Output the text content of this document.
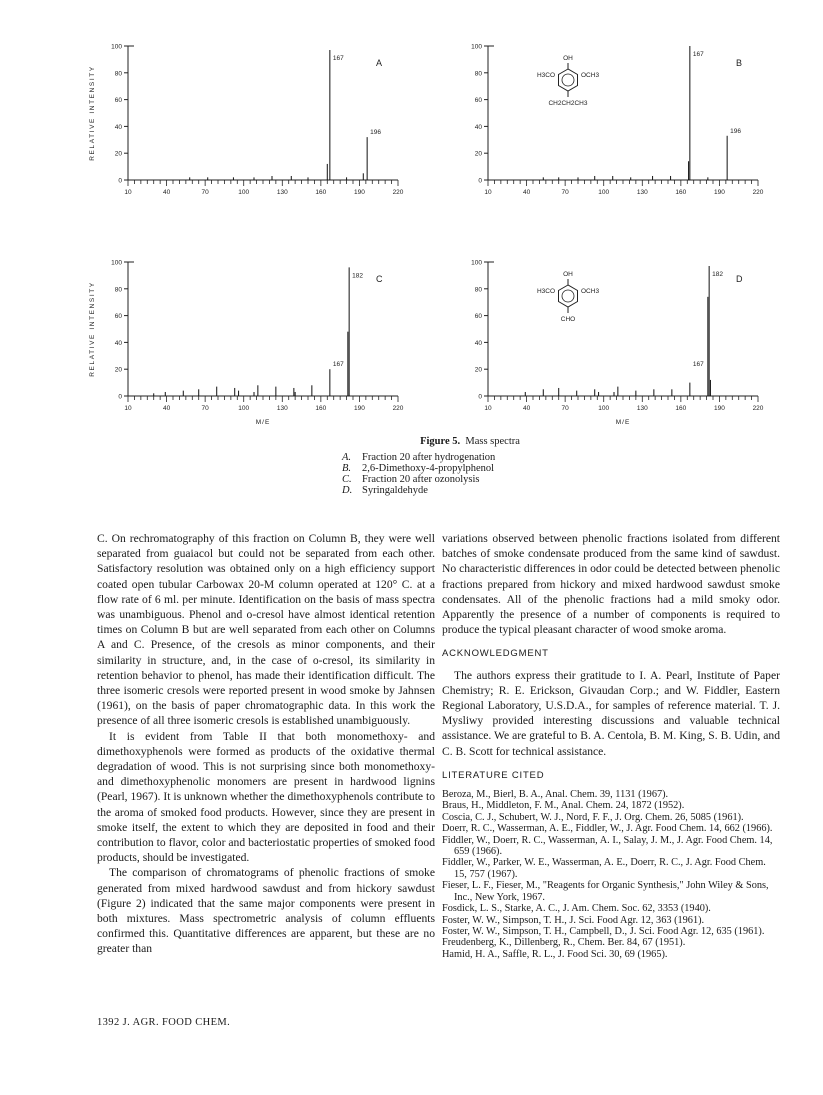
0
20
40
60
80
100
10	40	70	100	130	160	190	220
167
196
A
RELATIVE INTENSITY
0
20
40
60
80
100
10	40	70	100	130	160	190	220
167
196
B
OH
H3CO	OCH3
CH2CH2CH3
0
20
40
60
80
100
10	40	70	100	130	160	190	220
182
167
C
RELATIVE INTENSITY
M/E
0
20
40
60
80
100
10	40	70	100	130	160	190	220
182
167
D
M/E
OH
H3CO	OCH3
CHO
Figure 5. Mass spectra
A. Fraction 20 after hydrogenation
B. 2,6-Dimethoxy-4-propylphenol
C. Fraction 20 after ozonolysis
D. Syringaldehyde

C. On rechromatography of this fraction on Column B, they were well separated from guaiacol but could not be separated from each other. Satisfactory resolution was obtained only on a high efficiency support coated open tubular Carbowax 20-M column operated at 120° C. at a flow rate of 6 ml. per minute. Identification on the basis of mass spectra was unambiguous. Phenol and o-cresol have almost identical retention times on Column B but are well separated from each other on Columns A and C. Presence, of the cresols as minor components, and their similarity in structure, and, in the case of o-cresol, its similarity in retention behavior to phenol, has made their identification difficult. The three isomeric cresols were reported present in wood smoke by Jahnsen (1961), on the basis of paper chromatographic data. In this work the presence of all three isomeric cresols is established unambiguously.

It is evident from Table II that both monomethoxy- and dimethoxyphenols were formed as products of the oxidative thermal degradation of wood. This is not surprising since both monomethoxy- and dimethoxyphenolic monomers are present in hardwood lignins (Pearl, 1967). It is unknown whether the dimethoxyphenols contribute to the aroma of smoked food products. However, since they are present in smoke itself, the extent to which they are deposited in food and their contribution to flavor, color and bacteriostatic properties of smoked food products, should be investigated.

The comparison of chromatograms of phenolic fractions of smoke generated from mixed hardwood sawdust and from hickory sawdust (Figure 2) indicated that the same major components were present in both mixtures. Mass spectrometric analysis of column effluents confirmed this. Quantitative differences are apparent, but these are no greater than

variations observed between phenolic fractions isolated from different batches of smoke condensate produced from the same kind of sawdust. No characteristic differences in odor could be detected between phenolic fractions prepared from hickory and mixed hardwood sawdust smoke condensates. All of the phenolic fractions had a mild smoky odor. Apparently the presence of a number of components is required to produce the typical pleasant character of wood smoke aroma.

ACKNOWLEDGMENT

The authors express their gratitude to I. A. Pearl, Institute of Paper Chemistry; R. E. Erickson, Givaudan Corp.; and W. Fiddler, Eastern Regional Laboratory, U.S.D.A., for samples of reference material. T. J. Mysliwy provided interesting discussions and valuable technical assistance. We are grateful to B. A. Centola, B. M. King, S. B. Udin, and C. B. Scott for technical assistance.

LITERATURE CITED
Beroza, M., Bierl, B. A., Anal. Chem. 39, 1131 (1967).
Braus, H., Middleton, F. M., Anal. Chem. 24, 1872 (1952).
Coscia, C. J., Schubert, W. J., Nord, F. F., J. Org. Chem. 26, 5085 (1961).
Doerr, R. C., Wasserman, A. E., Fiddler, W., J. Agr. Food Chem. 14, 662 (1966).
Fiddler, W., Doerr, R. C., Wasserman, A. I., Salay, J. M., J. Agr. Food Chem. 14, 659 (1966).
Fiddler, W., Parker, W. E., Wasserman, A. E., Doerr, R. C., J. Agr. Food Chem. 15, 757 (1967).
Fieser, L. F., Fieser, M., "Reagents for Organic Synthesis," John Wiley & Sons, Inc., New York, 1967.
Fosdick, L. S., Starke, A. C., J. Am. Chem. Soc. 62, 3353 (1940).
Foster, W. W., Simpson, T. H., J. Sci. Food Agr. 12, 363 (1961).
Foster, W. W., Simpson, T. H., Campbell, D., J. Sci. Food Agr. 12, 635 (1961).
Freudenberg, K., Dillenberg, R., Chem. Ber. 84, 67 (1951).
Hamid, H. A., Saffle, R. L., J. Food Sci. 30, 69 (1965).
1392 J. AGR. FOOD CHEM.
